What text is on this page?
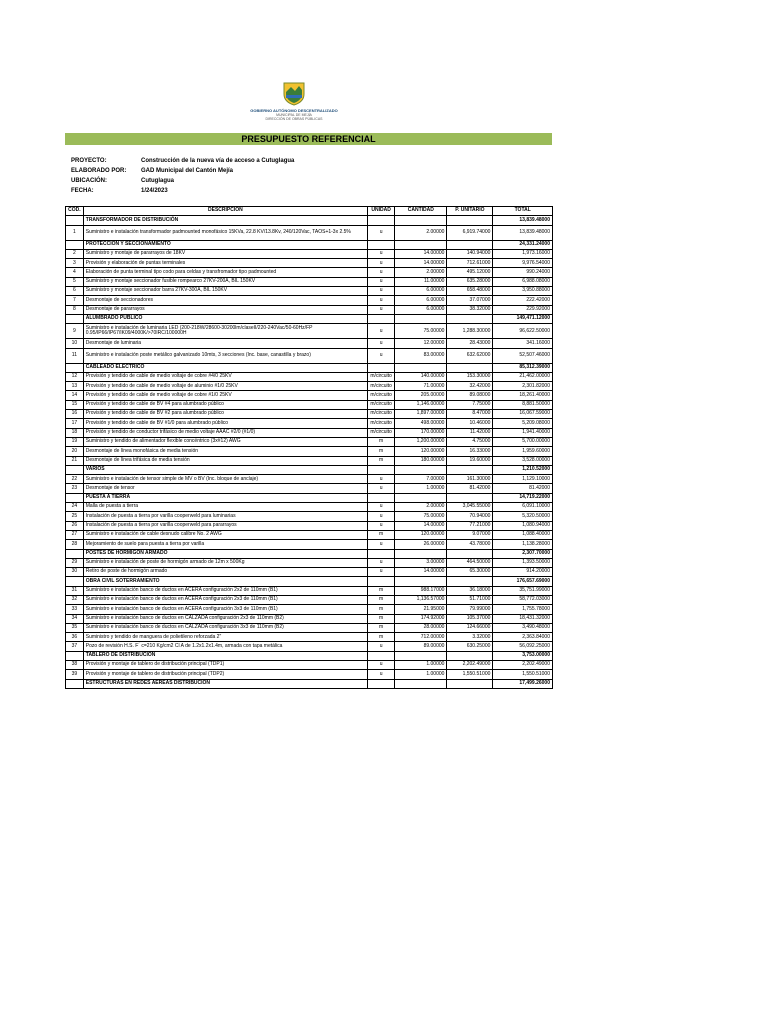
GOBIERNO AUTÓNOMO DESCENTRALIZADO
MUNICIPAL DE MEJÍA
DIRECCIÓN DE OBRAS PÚBLICAS
PRESUPUESTO REFERENCIAL
PROYECTO:	Construcción de la nueva vía de acceso a Cutuglagua
ELABORADO POR: GAD Municipal del Cantón Mejía
UBICACIÓN:	Cutuglagua
FECHA:	1/24/2023
CÓD.	DESCRIPCIÓN	UNIDAD	CANTIDAD	P. UNITARIO	TOTAL
	TRANSFORMADOR DE DISTRIBUCIÓN				13,839.48000
1	Suministro e instalación transformador padmounted monofásico 15KVa, 22.8 KV/13.8Kv, 240/120Vac, TAOS+1-3x 2.5%	u	2.00000	6,919.74000	13,839.48000
	PROTECCIÓN Y SECCIONAMIENTO				24,331.24000
2	Suministro y montaje de pararrayos de 18KV	u	14.00000	140.94000	1,973.16000
3	Provisión y elaboración de puntas terminales	u	14.00000	712.61000	9,976.54000
4	Elaboración de punta terminal tipo codo para celdas y transfromador tipo padmounted	u	2.00000	495.12000	990.24000
5	Suministro y montaje seccionador fusible rompearco 27KV-200A, BIL 150KV	u	11.00000	635.28000	6,988.08000
6	Suministro y montaje seccionador barra 27KV-300A, BIL 150KV	u	6.00000	658.48000	3,950.88000
7	Desmontaje de seccionadores	u	6.00000	37.07000	222.42000
8	Desmontaje de pararrayos	u	6.00000	38.32000	229.92000
	ALUMBRADO PÚBLICO				149,471.12000
9	Suministro e instalación de luminaria LED (200-218W/28600-30200lm/claseII/220-240Vac/50-60Hz/FP 0.95/IP66/IP67/IK09/4000K/>70IRC/100000H	u	75.00000	1,288.30000	96,622.50000
10	Desmontaje de luminaria	u	12.00000	28.43000	341.16000
11	Suministro e instalación poste metálico galvanizado 10mts, 3 secciones (Inc. base, canastilla y brazo)	u	83.00000	632.62000	52,507.46000
	CABLEADO ELÉCTRICO				85,312.39000
12	Provisión y tendido de cable de medio voltaje de cobre #4/0 25KV	m/circuito	140.00000	153.30000	21,462.00000
13	Provisión y tendido de cable de medio voltaje de aluminio #1/0 25KV	m/circuito	71.00000	32.42000	2,301.82000
14	Provisión y tendido de cable de medio voltaje de cobre #1/0 25KV	m/circuito	205.00000	89.08000	18,261.40000
15	Provisión y tendido de cable de BV #4 para alumbrado público	m/circuito	1,146.00000	7.75000	8,881.50000
16	Provisión y tendido de cable de BV #2 para alumbrado público	m/circuito	1,897.00000	8.47000	16,067.59000
17	Provisión y tendido de cable de BV #1/0 para alumbrado público	m/circuito	498.00000	10.46000	5,209.08000
18	Provisión y tendido de conductor trifásico de medio voltaje AAAC #2/0 (#1/0)	m/circuito	170.00000	11.42000	1,941.40000
19	Suministro y tendido de alimentador flexible concéntrico (3x#12) AWG	m	1,200.00000	4.75000	5,700.00000
20	Desmontaje de línea monofásica de media tensión	m	120.00000	16.33000	1,959.60000
21	Desmontaje de línea trifásica de media tensión	m	180.00000	19.60000	3,528.00000
	VARIOS				1,210.52000
22	Suministro e instalación de tensor simple de MV o BV (Inc. bloque de anclaje)	u	7.00000	161.30000	1,129.10000
23	Desmontaje de tensor	u	1.00000	81.42000	81.42000
	PUESTA A TIERRA				14,719.22000
24	Malla de puesta a tierra	u	2.00000	3,045.55000	6,091.10000
25	Instalación de puesta a tierra por varilla cooperweld para luminarias	u	75.00000	70.94000	5,320.50000
26	Instalación de puesta a tierra por varilla cooperweld para pararrayos	u	14.00000	77.21000	1,080.94000
27	Suministro e instalación de cable desnudo calibre No. 2 AWG	m	120.00000	9.07000	1,088.40000
28	Mejoramiento de suelo para puesta a tierra por varilla	u	26.00000	43.78000	1,138.28000
	POSTES DE HORMIGON ARMADO				2,307.70000
29	Suministro e instalación de poste de hormigón armado de 12m x 500Kg	u	3.00000	464.50000	1,393.50000
30	Retiro de poste de hormigón armado	u	14.00000	65.30000	914.20000
	OBRA CIVIL SOTERRAMIENTO				176,657.69000
31	Suministro e instalación banco de ductos en ACERA configuración 2x2 de 110mm (B1)	m	988.17000	36.18000	35,751.99000
32	Suministro e instalación banco de ductos en ACERA configuración 2x3 de 110mm (B1)	m	1,136.57000	51.71000	58,772.03000
33	Suministro e instalación banco de ductos en ACERA configuración 3x3 de 110mm (B1)	m	21.95000	79.99000	1,755.78000
34	Suministro e instalación banco de ductos en CALZADA configuración 2x3 de 110mm (B2)	m	174.92000	105.37000	18,431.32000
35	Suministro e instalación banco de ductos en CALZADA configuración 3x3 de 110mm (B2)	m	28.00000	124.66000	3,490.48000
36	Suministro y tendido de manguera de polietileno reforzada 2"	m	712.00000	3.32000	2,363.84000
37	Pozo de revisión H.S. F´ c=210 Kg/cm2 Cl A de 1.2x1.2x1.4m, armada con tapa metálica	u	89.00000	630.25000	56,092.25000
	TABLERO DE DISTRIBUCIÓN				3,753.00000
38	Provisión y montaje de tablero de distribución principal (TDP1)	u	1.00000	2,202.49000	2,202.49000
39	Provisión y montaje de tablero de distribución principal (TDP2)	u	1.00000	1,550.51000	1,550.51000
	ESTRUCTURAS EN REDES AÉREAS DISTRIBUCIÓN				17,499.26000
